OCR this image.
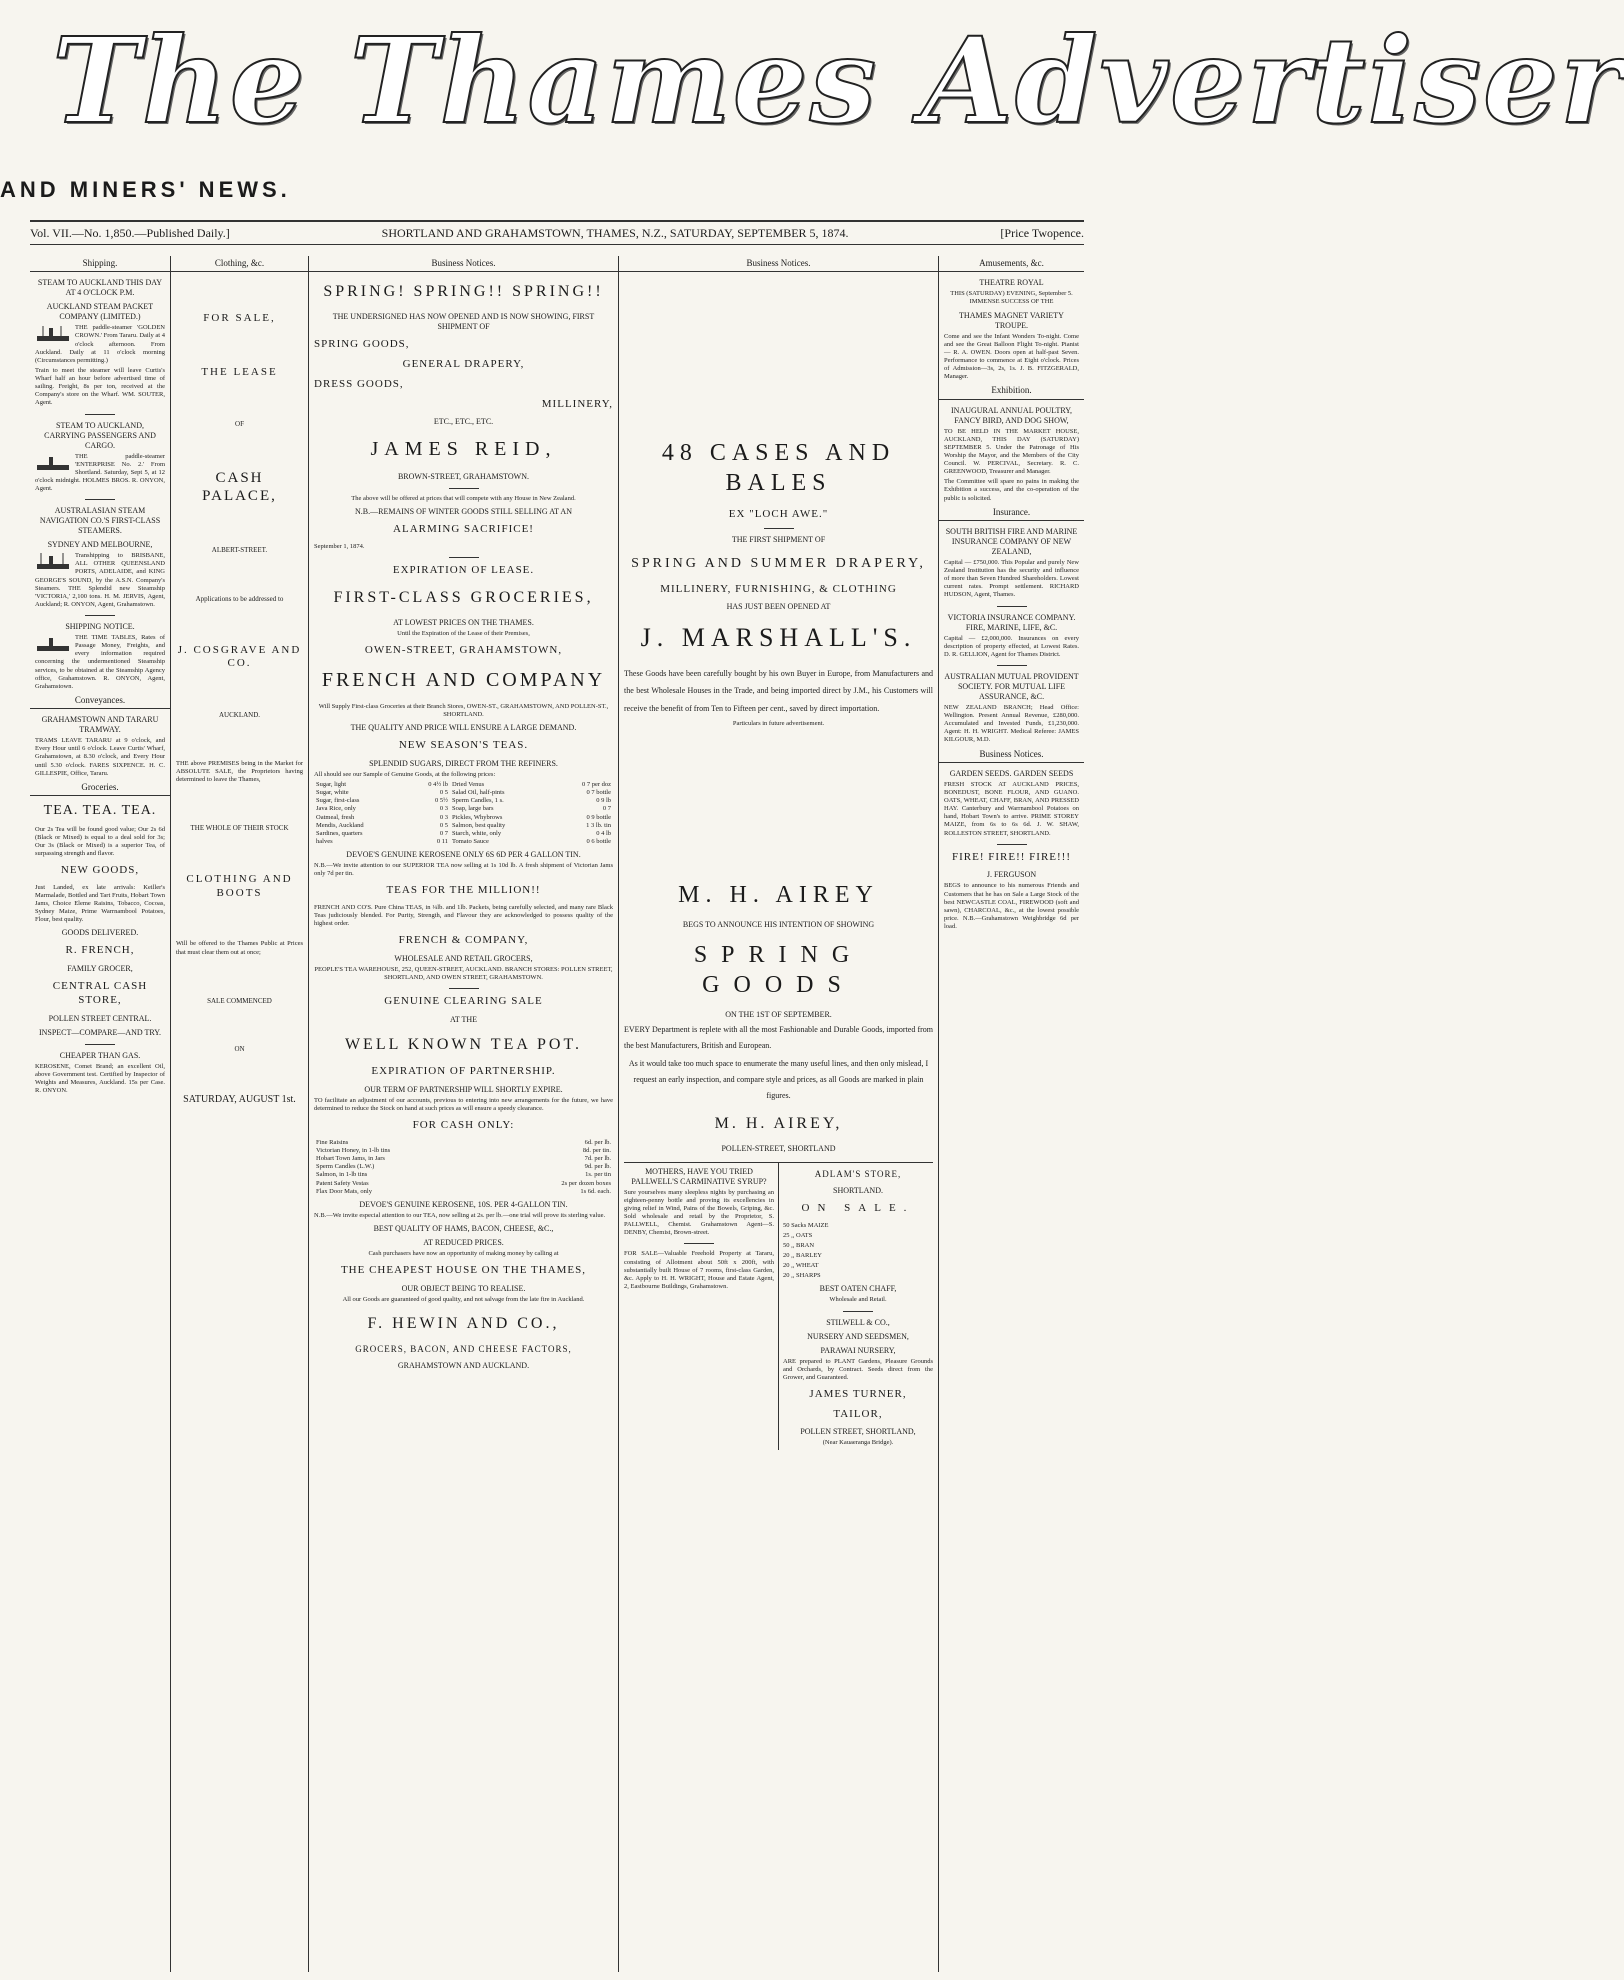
The Thames Advertiser
AND MINERS' NEWS.
Vol. VII.—No. 1,850.—Published Daily.]	SHORTLAND AND GRAHAMSTOWN, THAMES, N.Z., SATURDAY, SEPTEMBER 5, 1874.	[Price Twopence.
Shipping.
STEAM TO AUCKLAND THIS DAY AT 4 O'CLOCK P.M.
AUCKLAND STEAM PACKET COMPANY (LIMITED.)
THE paddle-steamer 'GOLDEN CROWN.' From Tararu. Daily at 4 o'clock afternoon. From Auckland. Daily at 11 o'clock morning (Circumstances permitting.)
Train to meet the steamer will leave Curtis's Wharf half an hour before advertised time of sailing. Freight, 8s per ton, received at the Company's store on the Wharf. WM. SOUTER, Agent.
STEAM TO AUCKLAND, CARRYING PASSENGERS AND CARGO.
THE paddle-steamer 'ENTERPRISE No. 2.' From Shortland. Saturday, Sept 5, at 12 o'clock midnight. HOLMES BROS. R. ONYON, Agent.
AUSTRALASIAN STEAM NAVIGATION CO.'S FIRST-CLASS STEAMERS.
SYDNEY AND MELBOURNE,
Transhipping to BRISBANE, ALL OTHER QUEENSLAND PORTS, ADELAIDE, and KING GEORGE'S SOUND, by the A.S.N. Company's Steamers. THE Splendid new Steamship 'VICTORIA,' 2,100 tons. H. M. JERVIS, Agent, Auckland; R. ONYON, Agent, Grahamstown.
SHIPPING NOTICE.
THE TIME TABLES, Rates of Passage Money, Freights, and every information required concerning the undermentioned Steamship services, to be obtained at the Steamship Agency office, Grahamstown. R. ONYON, Agent, Grahamstown.
Conveyances.
GRAHAMSTOWN AND TARARU TRAMWAY.
TRAMS LEAVE TARARU at 9 o'clock, and Every Hour until 6 o'clock. Leave Curtis' Wharf, Grahamstown, at 8.30 o'clock, and Every Hour until 5.30 o'clock. FARES SIXPENCE. H. C. GILLESPIE, Office, Tararu.
Groceries.
TEA. TEA. TEA.
Our 2s Tea will be found good value; Our 2s 6d (Black or Mixed) is equal to a deal sold for 3s; Our 3s (Black or Mixed) is a superior Tea, of surpassing strength and flavor.
NEW GOODS,
Just Landed, ex late arrivals: Keiller's Marmalade, Bottled and Tart Fruits, Hobart Town Jams, Choice Eleme Raisins, Tobacco, Cocoas, Sydney Maize, Prime Warrnambool Potatoes, Flour, best quality.
GOODS DELIVERED.
R. FRENCH,
FAMILY GROCER,
CENTRAL CASH STORE,
POLLEN STREET CENTRAL.
INSPECT—COMPARE—AND TRY.
CHEAPER THAN GAS.
KEROSENE, Comet Brand; an excellent Oil, above Government test. Certified by Inspector of Weights and Measures, Auckland. 15s per Case. R. ONYON.
Clothing, &c.
FOR SALE,
THE LEASE
OF
CASH PALACE,
ALBERT-STREET.
Applications to be addressed to
J. COSGRAVE AND CO.
AUCKLAND.
THE above PREMISES being in the Market for ABSOLUTE SALE, the Proprietors having determined to leave the Thames,
THE WHOLE OF THEIR STOCK
CLOTHING AND BOOTS
Will be offered to the Thames Public at Prices that must clear them out at once;
SALE COMMENCED
ON
SATURDAY, AUGUST 1st.
Business Notices.
SPRING! SPRING!! SPRING!!
THE UNDERSIGNED HAS NOW OPENED AND IS NOW SHOWING, FIRST SHIPMENT OF
SPRING GOODS,
GENERAL DRAPERY,
DRESS GOODS,
MILLINERY,
ETC., ETC., ETC.
JAMES REID,
BROWN-STREET, GRAHAMSTOWN.
The above will be offered at prices that will compete with any House in New Zealand.
N.B.—REMAINS OF WINTER GOODS STILL SELLING AT AN
ALARMING SACRIFICE!
September 1, 1874.
EXPIRATION OF LEASE.
FIRST-CLASS GROCERIES,
AT LOWEST PRICES ON THE THAMES.
Until the Expiration of the Lease of their Premises,
OWEN-STREET, GRAHAMSTOWN,
FRENCH AND COMPANY
Will Supply First-class Groceries at their Branch Stores, OWEN-ST., GRAHAMSTOWN, AND POLLEN-ST., SHORTLAND.
THE QUALITY AND PRICE WILL ENSURE A LARGE DEMAND.
NEW SEASON'S TEAS.
SPLENDID SUGARS, DIRECT FROM THE REFINERS.
All should see our Sample of Genuine Goods, at the following prices:
Sugar, light	0 4½ lb	Dried Venus	0 7 per doz
Sugar, white	0 5	Salad Oil, half-pints	0 7 bottle
Sugar, first-class	0 5½	Sperm Candles, 1 s.	0 9 lb
Java Rice, only	0 3	Soap, large bars	0 7
Oatmeal, fresh	0 3	Pickles, Whybrows	0 9 bottle
Mendis, Auckland	0 5	Salmon, best quality	1 3 lb. tin
Sardines, quarters	0 7	Starch, white, only	0 4 lb
halves	0 11	Tomato Sauce	0 6 bottle
DEVOE'S GENUINE KEROSENE ONLY 6S 6D PER 4 GALLON TIN.
N.B.—We invite attention to our SUPERIOR TEA now selling at 1s 10d lb. A fresh shipment of Victorian Jams only 7d per tin.
TEAS FOR THE MILLION!!
FRENCH AND CO'S. Pure China TEAS, in ¼lb. and 1lb. Packets, being carefully selected, and many rare Black Teas judiciously blended. For Purity, Strength, and Flavour they are acknowledged to possess quality of the highest order.
FRENCH & COMPANY,
WHOLESALE AND RETAIL GROCERS,
PEOPLE'S TEA WAREHOUSE, 252, QUEEN-STREET, AUCKLAND. BRANCH STORES: POLLEN STREET, SHORTLAND, AND OWEN STREET, GRAHAMSTOWN.
GENUINE CLEARING SALE
AT THE
WELL KNOWN TEA POT.
EXPIRATION OF PARTNERSHIP.
OUR TERM OF PARTNERSHIP WILL SHORTLY EXPIRE.
TO facilitate an adjustment of our accounts, previous to entering into new arrangements for the future, we have determined to reduce the Stock on hand at such prices as will ensure a speedy clearance.
FOR CASH ONLY:
Fine Raisins	6d. per lb.
Victorian Honey, in 1-lb tins	8d. per tin.
Hobart Town Jams, in Jars	7d. per lb.
Sperm Candles (L.W.)	9d. per lb.
Salmon, in 1-lb tins	1s. per tin
Patent Safety Vestas	2s per dozen boxes
Flax Door Mats, only	1s 6d. each.
DEVOE'S GENUINE KEROSENE, 10S. PER 4-GALLON TIN.
N.B.—We invite especial attention to our TEA, now selling at 2s. per lb.—one trial will prove its sterling value.
BEST QUALITY OF HAMS, BACON, CHEESE, &C.,
AT REDUCED PRICES.
Cash purchasers have now an opportunity of making money by calling at
THE CHEAPEST HOUSE ON THE THAMES,
OUR OBJECT BEING TO REALISE.
All our Goods are guaranteed of good quality, and not salvage from the late fire in Auckland.
F. HEWIN AND CO.,
GROCERS, BACON, AND CHEESE FACTORS,
GRAHAMSTOWN AND AUCKLAND.
Business Notices.
48 CASES AND BALES
EX "LOCH AWE."
THE FIRST SHIPMENT OF
SPRING AND SUMMER DRAPERY,
MILLINERY, FURNISHING, & CLOTHING
HAS JUST BEEN OPENED AT
J. MARSHALL'S.
These Goods have been carefully bought by his own Buyer in Europe, from Manufacturers and the best Wholesale Houses in the Trade, and being imported direct by J.M., his Customers will receive the benefit of from Ten to Fifteen per cent., saved by direct importation.
Particulars in future advertisement.
M. H. AIREY
BEGS TO ANNOUNCE HIS INTENTION OF SHOWING
SPRING GOODS
ON THE 1ST OF SEPTEMBER.
EVERY Department is replete with all the most Fashionable and Durable Goods, imported from the best Manufacturers, British and European.
As it would take too much space to enumerate the many useful lines, and then only mislead, I request an early inspection, and compare style and prices, as all Goods are marked in plain figures.
M. H. AIREY,
POLLEN-STREET, SHORTLAND
MOTHERS, HAVE YOU TRIED PALLWELL'S CARMINATIVE SYRUP?
Sure yourselves many sleepless nights by purchasing an eighteen-penny bottle and proving its excellencies in giving relief in Wind, Pains of the Bowels, Griping, &c. Sold wholesale and retail by the Proprietor, S. PALLWELL, Chemist. Grahamstown Agent—S. DENBY, Chemist, Brown-street.
FOR SALE—Valuable Freehold Property at Tararu, consisting of Allotment about 50ft x 200ft, with substantially built House of 7 rooms, first-class Garden, &c. Apply to H. H. WRIGHT, House and Estate Agent, 2, Eastbourne Buildings, Grahamstown.
ADLAM'S STORE,
SHORTLAND.
ON SALE.
50 Sacks MAIZE
25 ,, OATS
50 ,, BRAN
20 ,, BARLEY
20 ,, WHEAT
20 ,, SHARPS
BEST OATEN CHAFF,
Wholesale and Retail.
STILWELL & CO.,
NURSERY AND SEEDSMEN,
PARAWAI NURSERY,
ARE prepared to PLANT Gardens, Pleasure Grounds and Orchards, by Contract. Seeds direct from the Grower, and Guaranteed.
JAMES TURNER,
TAILOR,
POLLEN STREET, SHORTLAND,
(Near Kauaeranga Bridge).
Amusements, &c.
THEATRE ROYAL
THIS (SATURDAY) EVENING, September 5. IMMENSE SUCCESS OF THE
THAMES MAGNET VARIETY TROUPE.
Come and see the Infant Wonders To-night. Come and see the Great Balloon Flight To-night. Pianist — R. A. OWEN. Doors open at half-past Seven. Performance to commence at Eight o'clock. Prices of Admission—3s, 2s, 1s. J. B. FITZGERALD, Manager.
Exhibition.
INAUGURAL ANNUAL POULTRY, FANCY BIRD, AND DOG SHOW,
TO BE HELD IN THE MARKET HOUSE, AUCKLAND, THIS DAY (SATURDAY) SEPTEMBER 5. Under the Patronage of His Worship the Mayor, and the Members of the City Council. W. PERCIVAL, Secretary. R. C. GREENWOOD, Treasurer and Manager.
The Committee will spare no pains in making the Exhibition a success, and the co-operation of the public is solicited.
Insurance.
SOUTH BRITISH FIRE AND MARINE INSURANCE COMPANY OF NEW ZEALAND,
Capital — £750,000. This Popular and purely New Zealand Institution has the security and influence of more than Seven Hundred Shareholders. Lowest current rates. Prompt settlement. RICHARD HUDSON, Agent, Thames.
VICTORIA INSURANCE COMPANY. FIRE, MARINE, LIFE, &C.
Capital — £2,000,000. Insurances on every description of property effected, at Lowest Rates. D. R. GELLION, Agent for Thames District.
AUSTRALIAN MUTUAL PROVIDENT SOCIETY. FOR MUTUAL LIFE ASSURANCE, &C.
NEW ZEALAND BRANCH; Head Office: Wellington. Present Annual Revenue, £280,000. Accumulated and Invested Funds, £1,230,000. Agent: H. H. WRIGHT. Medical Referee: JAMES KILGOUR, M.D.
Business Notices.
GARDEN SEEDS. GARDEN SEEDS
FRESH STOCK AT AUCKLAND PRICES, BONEDUST, BONE FLOUR, AND GUANO. OATS, WHEAT, CHAFF, BRAN, AND PRESSED HAY. Canterbury and Warrnambool Potatoes on hand, Hobart Town's to arrive. PRIME STOREY MAIZE, from 6s to 6s 6d. J. W. SHAW, ROLLESTON STREET, SHORTLAND.
FIRE! FIRE!! FIRE!!!
J. FERGUSON
BEGS to announce to his numerous Friends and Customers that he has on Sale a Large Stock of the best NEWCASTLE COAL, FIREWOOD (soft and sawn), CHARCOAL, &c., at the lowest possible price. N.B.—Grahamstown Weighbridge 6d per load.
